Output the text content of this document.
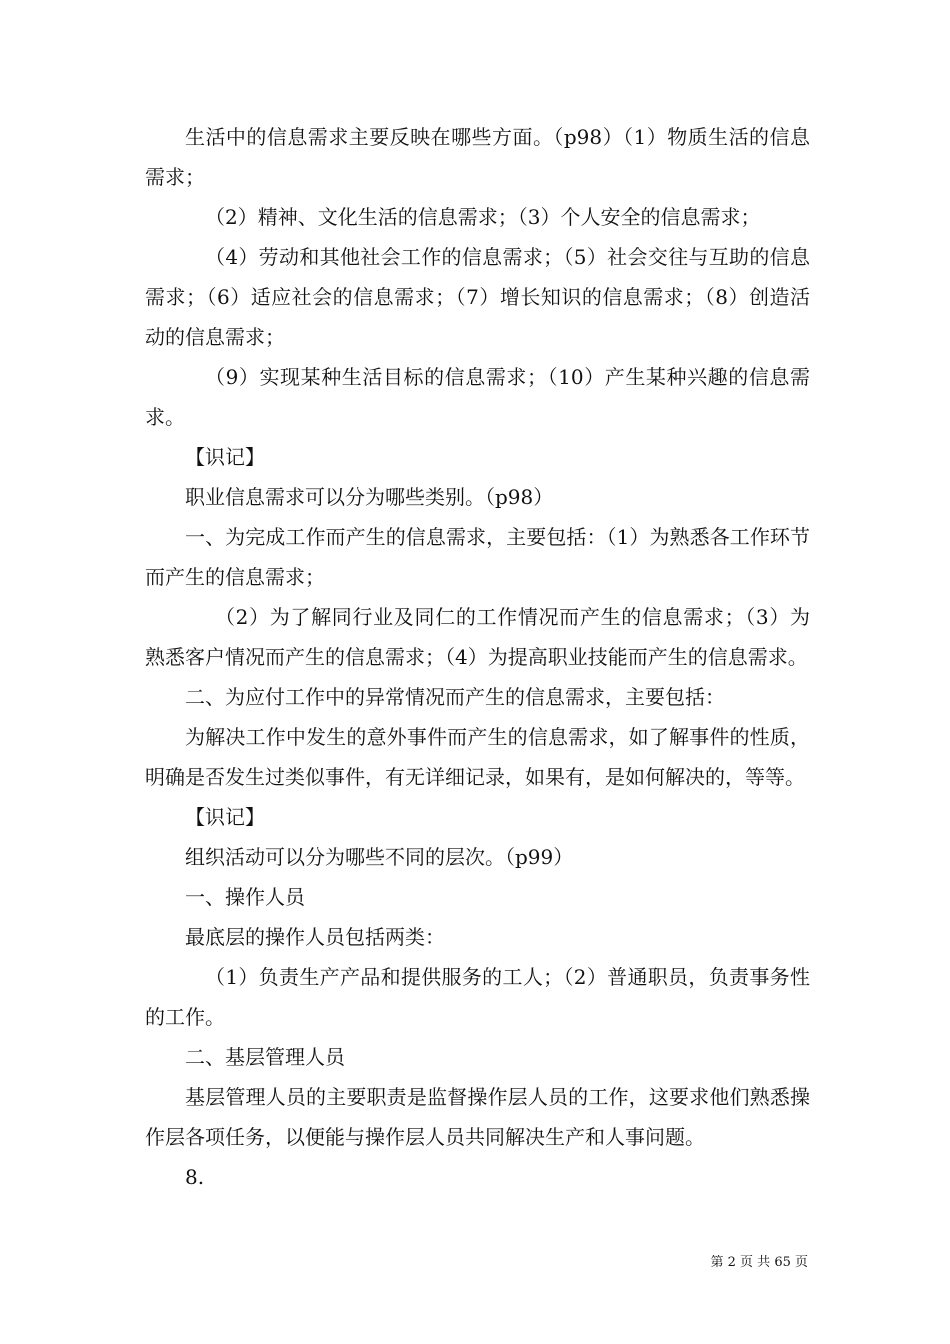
生活中的信息需求主要反映在哪些方面。（p98）（1）物质生活的信息需求；

（2）精神、文化生活的信息需求；（3）个人安全的信息需求；

（4）劳动和其他社会工作的信息需求；（5）社会交往与互助的信息需求；（6）适应社会的信息需求；（7）增长知识的信息需求；（8）创造活动的信息需求；

（9）实现某种生活目标的信息需求；（10）产生某种兴趣的信息需求。

【识记】

职业信息需求可以分为哪些类别。（p98）

一、为完成工作而产生的信息需求，主要包括：（1）为熟悉各工作环节而产生的信息需求；

（2）为了解同行业及同仁的工作情况而产生的信息需求；（3）为熟悉客户情况而产生的信息需求；（4）为提高职业技能而产生的信息需求。

二、为应付工作中的异常情况而产生的信息需求，主要包括：

为解决工作中发生的意外事件而产生的信息需求，如了解事件的性质，明确是否发生过类似事件，有无详细记录，如果有，是如何解决的，等等。

【识记】

组织活动可以分为哪些不同的层次。（p99）

一、操作人员

最底层的操作人员包括两类：

（1）负责生产产品和提供服务的工人；（2）普通职员，负责事务性的工作。

二、基层管理人员

基层管理人员的主要职责是监督操作层人员的工作，这要求他们熟悉操作层各项任务，以便能与操作层人员共同解决生产和人事问题。

8.

第 2 页 共 65 页
